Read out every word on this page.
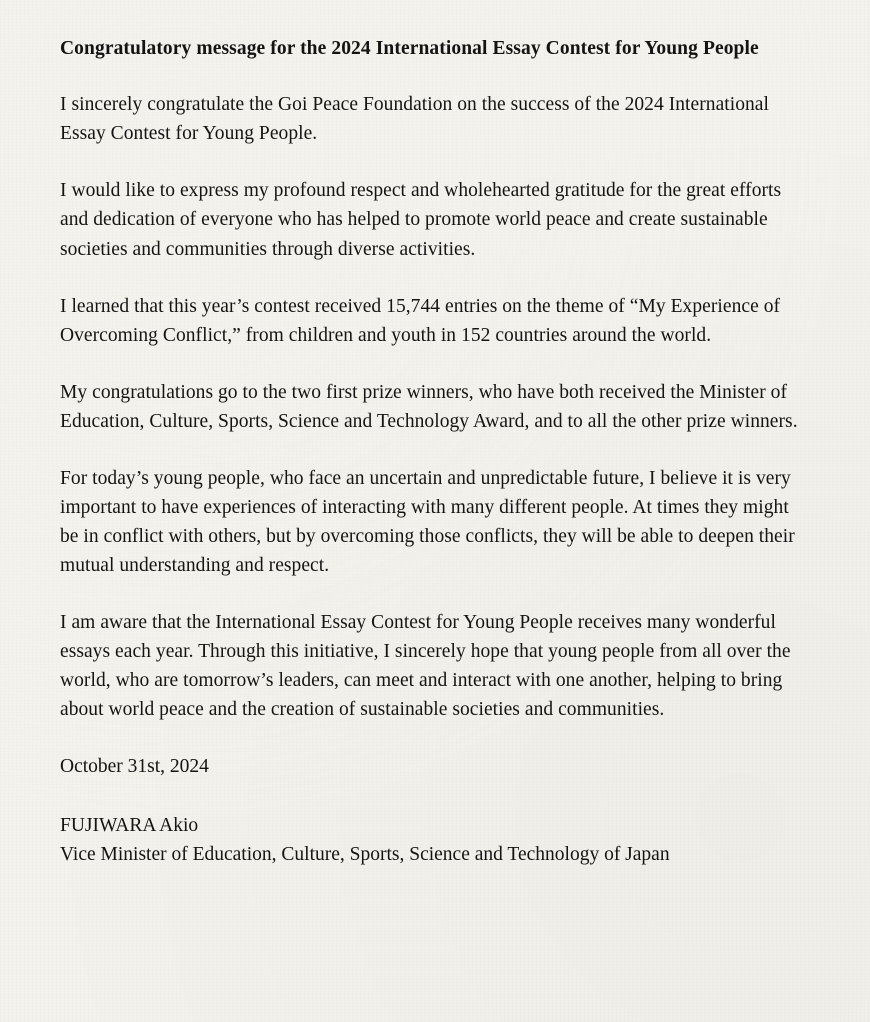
Congratulatory message for the 2024 International Essay Contest for Young People

I sincerely congratulate the Goi Peace Foundation on the success of the 2024 International Essay Contest for Young People.

I would like to express my profound respect and wholehearted gratitude for the great efforts and dedication of everyone who has helped to promote world peace and create sustainable societies and communities through diverse activities.

I learned that this year’s contest received 15,744 entries on the theme of “My Experience of Overcoming Conflict,” from children and youth in 152 countries around the world.

My congratulations go to the two first prize winners, who have both received the Minister of Education, Culture, Sports, Science and Technology Award, and to all the other prize winners.

For today’s young people, who face an uncertain and unpredictable future, I believe it is very important to have experiences of interacting with many different people. At times they might be in conflict with others, but by overcoming those conflicts, they will be able to deepen their mutual understanding and respect.

I am aware that the International Essay Contest for Young People receives many wonderful essays each year. Through this initiative, I sincerely hope that young people from all over the world, who are tomorrow’s leaders, can meet and interact with one another, helping to bring about world peace and the creation of sustainable societies and communities.

October 31st, 2024

FUJIWARA Akio

Vice Minister of Education, Culture, Sports, Science and Technology of Japan
